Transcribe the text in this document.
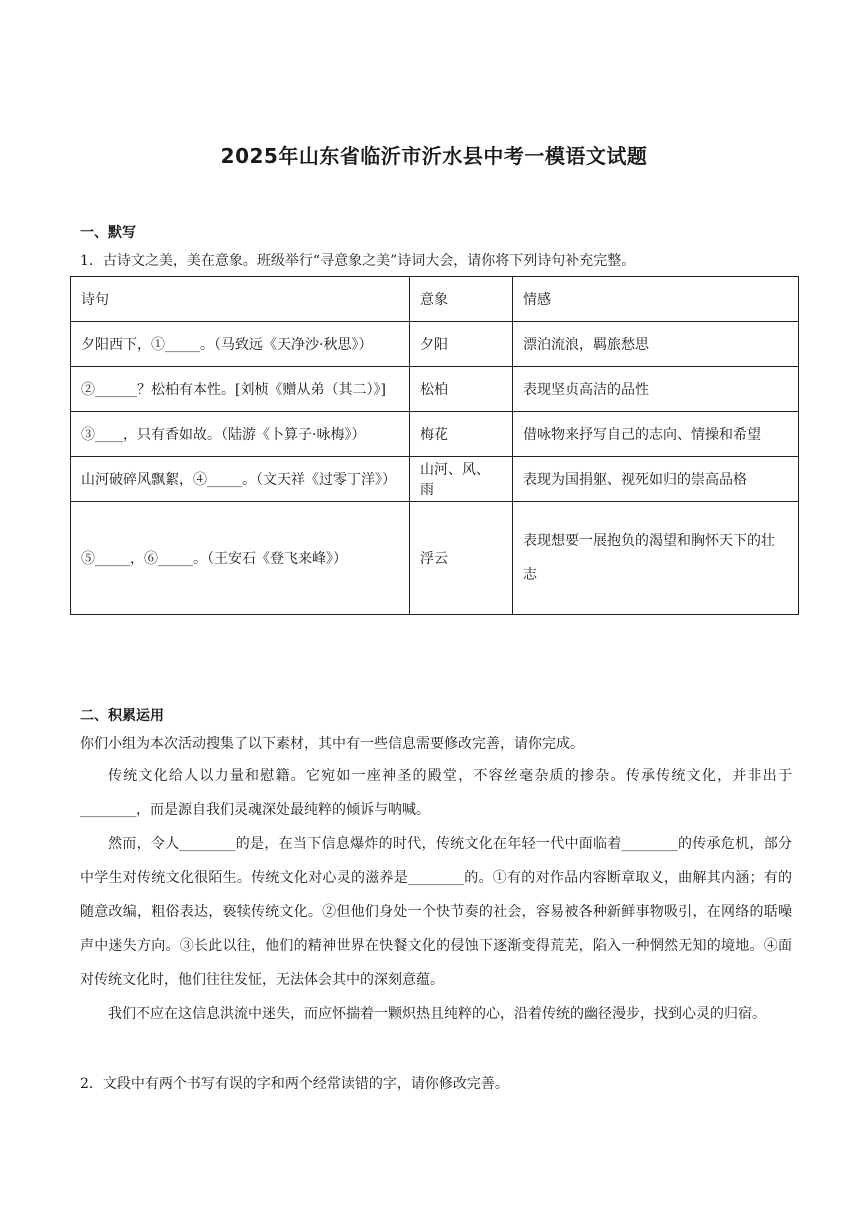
2025年山东省临沂市沂水县中考一模语文试题
一、默写
1．古诗文之美，美在意象。班级举行“寻意象之美”诗词大会，请你将下列诗句补充完整。
诗句	意象	情感
夕阳西下，①_____。（马致远《天净沙·秋思》）	夕阳	漂泊流浪，羁旅愁思
②______？松柏有本性。[刘桢《赠从弟（其二）》]	松柏	表现坚贞高洁的品性
③____，只有香如故。（陆游《卜算子·咏梅》）	梅花	借咏物来抒写自己的志向、情操和希望
山河破碎风飘絮，④_____。（文天祥《过零丁洋》）	山河、风、雨	表现为国捐躯、视死如归的崇高品格
⑤_____，⑥_____。（王安石《登飞来峰》）	浮云	表现想要一展抱负的渴望和胸怀天下的壮志
二、积累运用
你们小组为本次活动搜集了以下素材，其中有一些信息需要修改完善，请你完成。
传统文化给人以力量和慰籍。它宛如一座神圣的殿堂，不容丝毫杂质的掺杂。传承传统文化，并非出于________，而是源自我们灵魂深处最纯粹的倾诉与呐喊。
然而，令人________的是，在当下信息爆炸的时代，传统文化在年轻一代中面临着________的传承危机，部分中学生对传统文化很陌生。传统文化对心灵的滋养是________的。①有的对作品内容断章取义，曲解其内涵；有的随意改编，粗俗表达，亵犊传统文化。②但他们身处一个快节奏的社会，容易被各种新鲜事物吸引，在网络的聒噪声中迷失方向。③长此以往，他们的精神世界在快餐文化的侵蚀下逐渐变得荒芜，陷入一种惘然无知的境地。④面对传统文化时，他们往往发怔，无法体会其中的深刻意蕴。
我们不应在这信息洪流中迷失，而应怀揣着一颗炽热且纯粹的心，沿着传统的幽径漫步，找到心灵的归宿。
2．文段中有两个书写有误的字和两个经常读错的字，请你修改完善。
